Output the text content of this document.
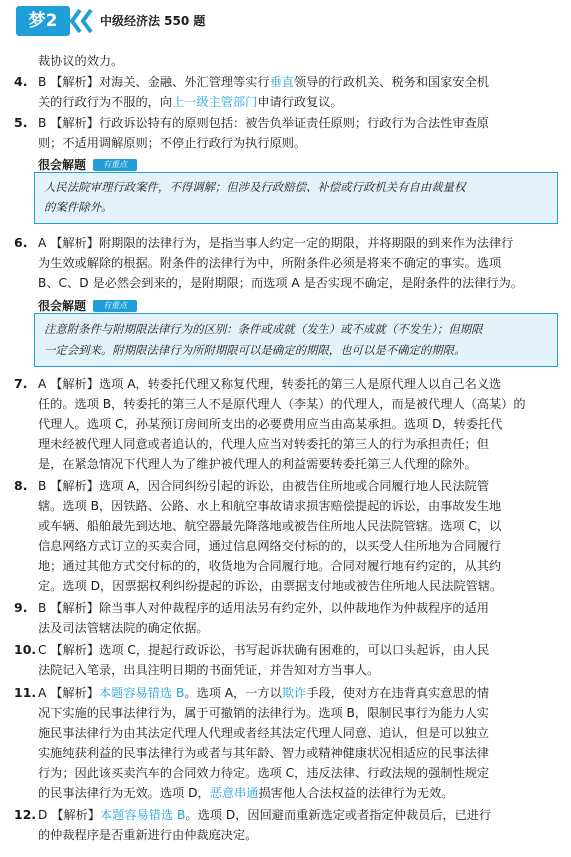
梦2	中级经济法 550 题
裁协议的效力。
4. B 【解析】对海关、金融、外汇管理等实行垂直领导的行政机关、税务和国家安全机
关的行政行为不服的，向上一级主管部门申请行政复议。
5. B 【解析】行政诉讼特有的原则包括：被告负举证责任原则；行政行为合法性审查原
则；不适用调解原则；不停止行政行为执行原则。
很会解题	有重点
人民法院审理行政案件，不得调解；但涉及行政赔偿、补偿或行政机关有自由裁量权
的案件除外。
6. A 【解析】附期限的法律行为，是指当事人约定一定的期限，并将期限的到来作为法律行
为生效或解除的根据。附条件的法律行为中，所附条件必须是将来不确定的事实。选项
B、C、D 是必然会到来的，是附期限；而选项 A 是否实现不确定，是附条件的法律行为。
很会解题	有重点
注意附条件与附期限法律行为的区别：条件或成就（发生）或不成就（不发生）；但期限
一定会到来。附期限法律行为所附期限可以是确定的期限，也可以是不确定的期限。
7. A 【解析】选项 A，转委托代理又称复代理，转委托的第三人是原代理人以自己名义选
任的。选项 B，转委托的第三人不是原代理人（李某）的代理人，而是被代理人（高某）的
代理人。选项 C，孙某预订房间所支出的必要费用应当由高某承担。选项 D，转委托代
理未经被代理人同意或者追认的，代理人应当对转委托的第三人的行为承担责任；但
是，在紧急情况下代理人为了维护被代理人的利益需要转委托第三人代理的除外。
8. B 【解析】选项 A，因合同纠纷引起的诉讼，由被告住所地或合同履行地人民法院管
辖。选项 B，因铁路、公路、水上和航空事故请求损害赔偿提起的诉讼，由事故发生地
或车辆、船舶最先到达地、航空器最先降落地或被告住所地人民法院管辖。选项 C，以
信息网络方式订立的买卖合同，通过信息网络交付标的的，以买受人住所地为合同履行
地；通过其他方式交付标的的，收货地为合同履行地。合同对履行地有约定的，从其约
定。选项 D，因票据权利纠纷提起的诉讼，由票据支付地或被告住所地人民法院管辖。
9. B 【解析】除当事人对仲裁程序的适用法另有约定外，以仲裁地作为仲裁程序的适用
法及司法管辖法院的确定依据。
10. C 【解析】选项 C，提起行政诉讼，书写起诉状确有困难的，可以口头起诉，由人民
法院记入笔录，出具注明日期的书面凭证，并告知对方当事人。
11. A 【解析】本题容易错选 B。选项 A，一方以欺诈手段，使对方在违背真实意思的情
况下实施的民事法律行为，属于可撤销的法律行为。选项 B，限制民事行为能力人实
施民事法律行为由其法定代理人代理或者经其法定代理人同意、追认，但是可以独立
实施纯获利益的民事法律行为或者与其年龄、智力或精神健康状况相适应的民事法律
行为；因此该买卖汽车的合同效力待定。选项 C，违反法律、行政法规的强制性规定
的民事法律行为无效。选项 D，恶意串通损害他人合法权益的法律行为无效。
12. D 【解析】本题容易错选 B。选项 D，因回避而重新选定或者指定仲裁员后，已进行
的仲裁程序是否重新进行由仲裁庭决定。
